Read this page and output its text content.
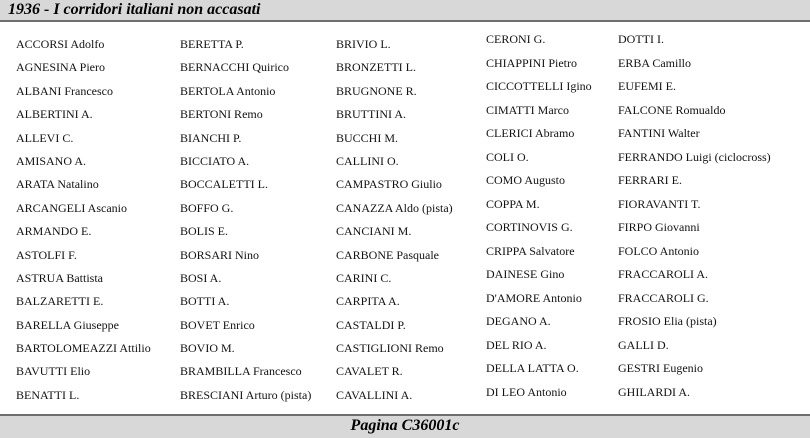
1936 - I corridori italiani non accasati
ACCORSI Adolfo
AGNESINA Piero
ALBANI Francesco
ALBERTINI A.
ALLEVI C.
AMISANO A.
ARATA Natalino
ARCANGELI Ascanio
ARMANDO E.
ASTOLFI F.
ASTRUA Battista
BALZARETTI E.
BARELLA Giuseppe
BARTOLOMEAZZI Attilio
BAVUTTI Elio
BENATTI L.
BERETTA P.
BERNACCHI Quirico
BERTOLA Antonio
BERTONI Remo
BIANCHI P.
BICCIATO A.
BOCCALETTI L.
BOFFO G.
BOLIS E.
BORSARI Nino
BOSI A.
BOTTI A.
BOVET Enrico
BOVIO M.
BRAMBILLA Francesco
BRESCIANI Arturo (pista)
BRIVIO L.
BRONZETTI L.
BRUGNONE R.
BRUTTINI A.
BUCCHI M.
CALLINI O.
CAMPASTRO Giulio
CANAZZA Aldo (pista)
CANCIANI M.
CARBONE Pasquale
CARINI C.
CARPITA A.
CASTALDI P.
CASTIGLIONI Remo
CAVALET R.
CAVALLINI A.
CERONI G.
CHIAPPINI Pietro
CICCOTTELLI Igino
CIMATTI Marco
CLERICI Abramo
COLI O.
COMO Augusto
COPPA M.
CORTINOVIS G.
CRIPPA Salvatore
DAINESE Gino
D'AMORE Antonio
DEGANO A.
DEL RIO A.
DELLA LATTA O.
DI LEO Antonio
DOTTI I.
ERBA Camillo
EUFEMI E.
FALCONE Romualdo
FANTINI Walter
FERRANDO Luigi (ciclocross)
FERRARI E.
FIORAVANTI T.
FIRPO Giovanni
FOLCO Antonio
FRACCAROLI A.
FRACCAROLI G.
FROSIO Elia (pista)
GALLI D.
GESTRI Eugenio
GHILARDI A.
Pagina C36001c
